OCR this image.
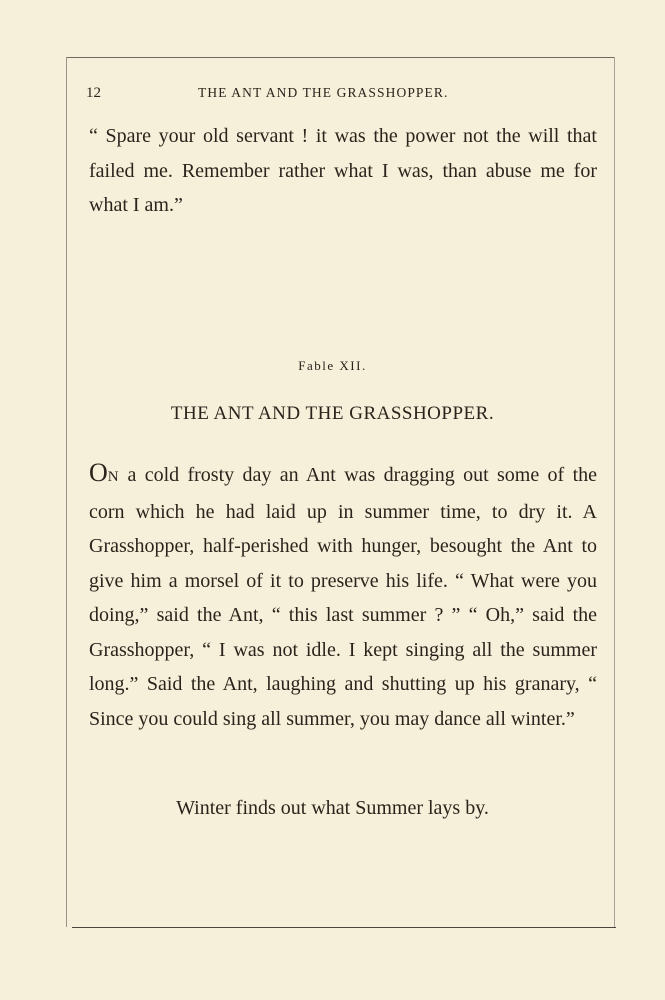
12	THE ANT AND THE GRASSHOPPER.

“ Spare your old servant ! it was the power not the will that failed me. Remember rather what I was, than abuse me for what I am.”

Fable XII.
THE ANT AND THE GRASSHOPPER.

ON a cold frosty day an Ant was dragging out some of the corn which he had laid up in summer time, to dry it. A Grasshopper, half-perished with hunger, besought the Ant to give him a morsel of it to preserve his life. “ What were you doing,” said the Ant, “ this last summer ? ” “ Oh,” said the Grasshopper, “ I was not idle. I kept singing all the summer long.” Said the Ant, laughing and shutting up his granary, “ Since you could sing all summer, you may dance all winter.”

Winter finds out what Summer lays by.
